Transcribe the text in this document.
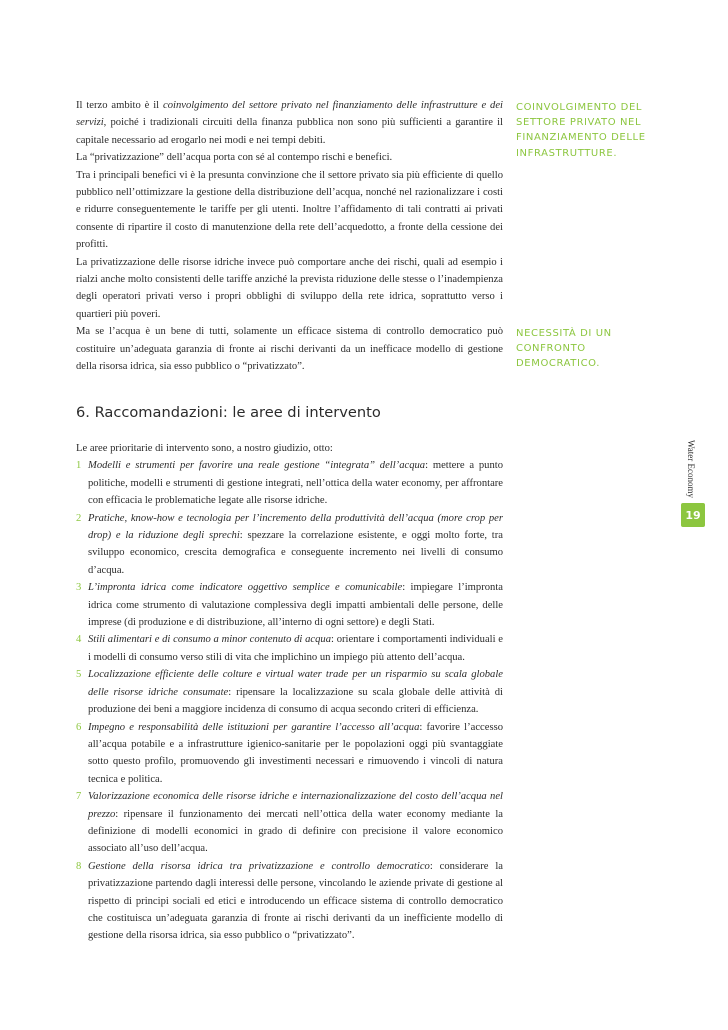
Il terzo ambito è il coinvolgimento del settore privato nel finanziamento delle infrastrutture e dei servizi, poiché i tradizionali circuiti della finanza pubblica non sono più sufficienti a garantire il capitale necessario ad erogarlo nei modi e nei tempi debiti.

La “privatizzazione” dell’acqua porta con sé al contempo rischi e benefici.

Tra i principali benefici vi è la presunta convinzione che il settore privato sia più efficiente di quello pubblico nell’ottimizzare la gestione della distribuzione dell’acqua, nonché nel razionalizzare i costi e ridurre conseguentemente le tariffe per gli utenti. Inoltre l’affidamento di tali contratti ai privati consente di ripartire il costo di manutenzione della rete dell’acquedotto, a fronte della cessione dei profitti.

La privatizzazione delle risorse idriche invece può comportare anche dei rischi, quali ad esempio i rialzi anche molto consistenti delle tariffe anziché la prevista riduzione delle stesse o l’inadempienza degli operatori privati verso i propri obblighi di sviluppo della rete idrica, soprattutto verso i quartieri più poveri.

Ma se l’acqua è un bene di tutti, solamente un efficace sistema di controllo democratico può costituire un’adeguata garanzia di fronte ai rischi derivanti da un inefficace modello di gestione della risorsa idrica, sia esso pubblico o “privatizzato”.

COINVOLGIMENTO DEL SETTORE PRIVATO NEL FINANZIAMENTO DELLE INFRASTRUTTURE.
NECESSITÀ DI UN CONFRONTO DEMOCRATICO.
6. Raccomandazioni: le aree di intervento

Le aree prioritarie di intervento sono, a nostro giudizio, otto:

1 Modelli e strumenti per favorire una reale gestione “integrata” dell’acqua: mettere a punto politiche, modelli e strumenti di gestione integrati, nell’ottica della water economy, per affrontare con efficacia le problematiche legate alle risorse idriche.
2 Pratiche, know-how e tecnologia per l’incremento della produttività dell’acqua (more crop per drop) e la riduzione degli sprechi: spezzare la correlazione esistente, e oggi molto forte, tra sviluppo economico, crescita demografica e conseguente incremento nei livelli di consumo d’acqua.
3 L’impronta idrica come indicatore oggettivo semplice e comunicabile: impiegare l’impronta idrica come strumento di valutazione complessiva degli impatti ambientali delle persone, delle imprese (di produzione e di distribuzione, all’interno di ogni settore) e degli Stati.
4 Stili alimentari e di consumo a minor contenuto di acqua: orientare i comportamenti individuali e i modelli di consumo verso stili di vita che implichino un impiego più attento dell’acqua.
5 Localizzazione efficiente delle colture e virtual water trade per un risparmio su scala globale delle risorse idriche consumate: ripensare la localizzazione su scala globale delle attività di produzione dei beni a maggiore incidenza di consumo di acqua secondo criteri di efficienza.
6 Impegno e responsabilità delle istituzioni per garantire l’accesso all’acqua: favorire l’accesso all’acqua potabile e a infrastrutture igienico-sanitarie per le popolazioni oggi più svantaggiate sotto questo profilo, promuovendo gli investimenti necessari e rimuovendo i vincoli di natura tecnica e politica.
7 Valorizzazione economica delle risorse idriche e internazionalizzazione del costo dell’acqua nel prezzo: ripensare il funzionamento dei mercati nell’ottica della water economy mediante la definizione di modelli economici in grado di definire con precisione il valore economico associato all’uso dell’acqua.
8 Gestione della risorsa idrica tra privatizzazione e controllo democratico: considerare la privatizzazione partendo dagli interessi delle persone, vincolando le aziende private di gestione al rispetto di principi sociali ed etici e introducendo un efficace sistema di controllo democratico che costituisca un’adeguata garanzia di fronte ai rischi derivanti da un inefficiente modello di gestione della risorsa idrica, sia esso pubblico o “privatizzato”.
Water Economy
19
